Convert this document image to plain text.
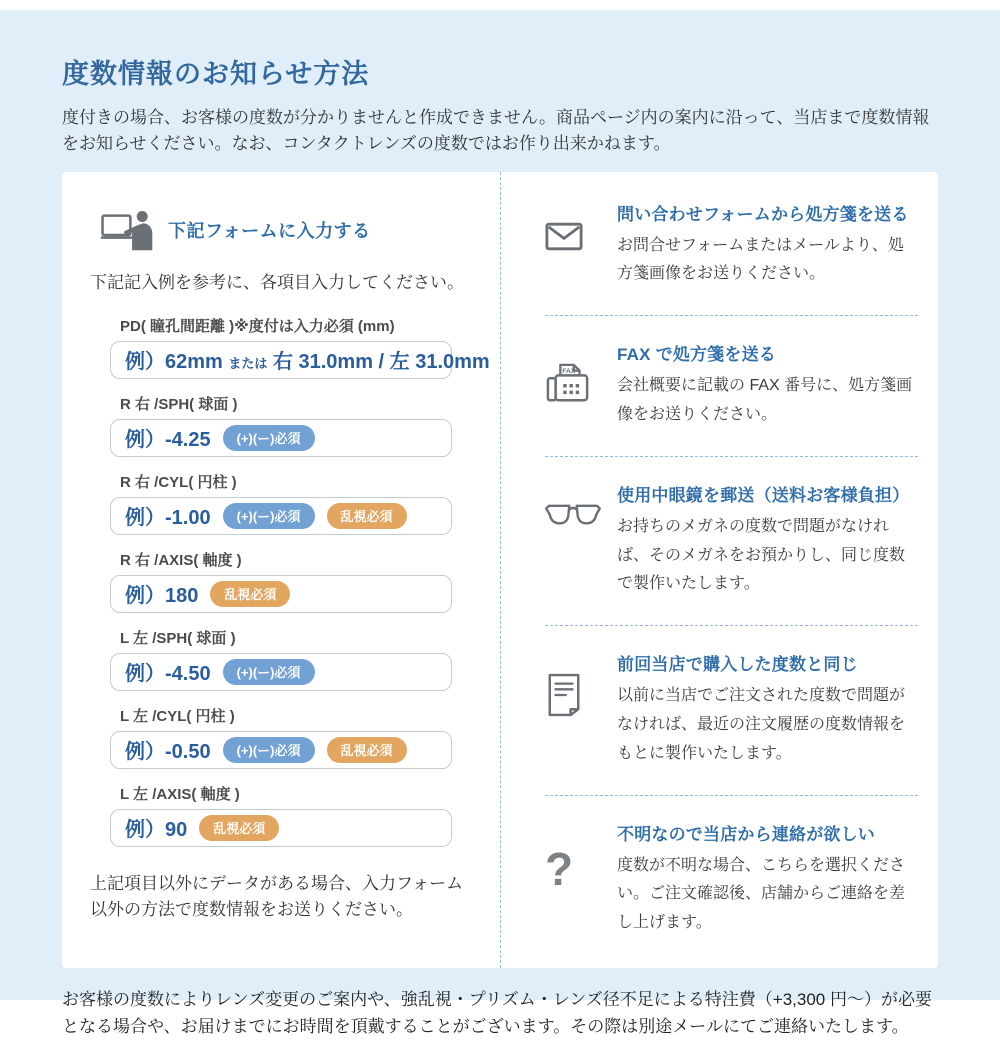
度数情報のお知らせ方法

度付きの場合、お客様の度数が分かりませんと作成できません。商品ページ内の案内に沿って、当店まで度数情報をお知らせください。なお、コンタクトレンズの度数ではお作り出来かねます。

下記フォームに入力する

下記記入例を参考に、各項目入力してください。

PD( 瞳孔間距離 )※度付は入力必須 (mm)
例）62mm または 右 31.0mm / 左 31.0mm
R 右 /SPH( 球面 )
例）-4.25	(+)(ー)必須
R 右 /CYL( 円柱 )
例）-1.00	(+)(ー)必須	乱視必須
R 右 /AXIS( 軸度 )
例）180	乱視必須
L 左 /SPH( 球面 )
例）-4.50	(+)(ー)必須
L 左 /CYL( 円柱 )
例）-0.50	(+)(ー)必須	乱視必須
L 左 /AXIS( 軸度 )
例）90	乱視必須

上記項目以外にデータがある場合、入力フォーム以外の方法で度数情報をお送りください。

問い合わせフォームから処方箋を送る
お問合せフォームまたはメールより、処方箋画像をお送りください。
FAX
FAX で処方箋を送る
会社概要に記載の FAX 番号に、処方箋画像をお送りください。
使用中眼鏡を郵送（送料お客様負担）
お持ちのメガネの度数で問題がなければ、そのメガネをお預かりし、同じ度数で製作いたします。
前回当店で購入した度数と同じ
以前に当店でご注文された度数で問題がなければ、最近の注文履歴の度数情報をもとに製作いたします。
?
不明なので当店から連絡が欲しい
度数が不明な場合、こちらを選択ください。ご注文確認後、店舗からご連絡を差し上げます。

お客様の度数によりレンズ変更のご案内や、強乱視・プリズム・レンズ径不足による特注費（+3,300 円〜）が必要となる場合や、お届けまでにお時間を頂戴することがございます。その際は別途メールにてご連絡いたします。
